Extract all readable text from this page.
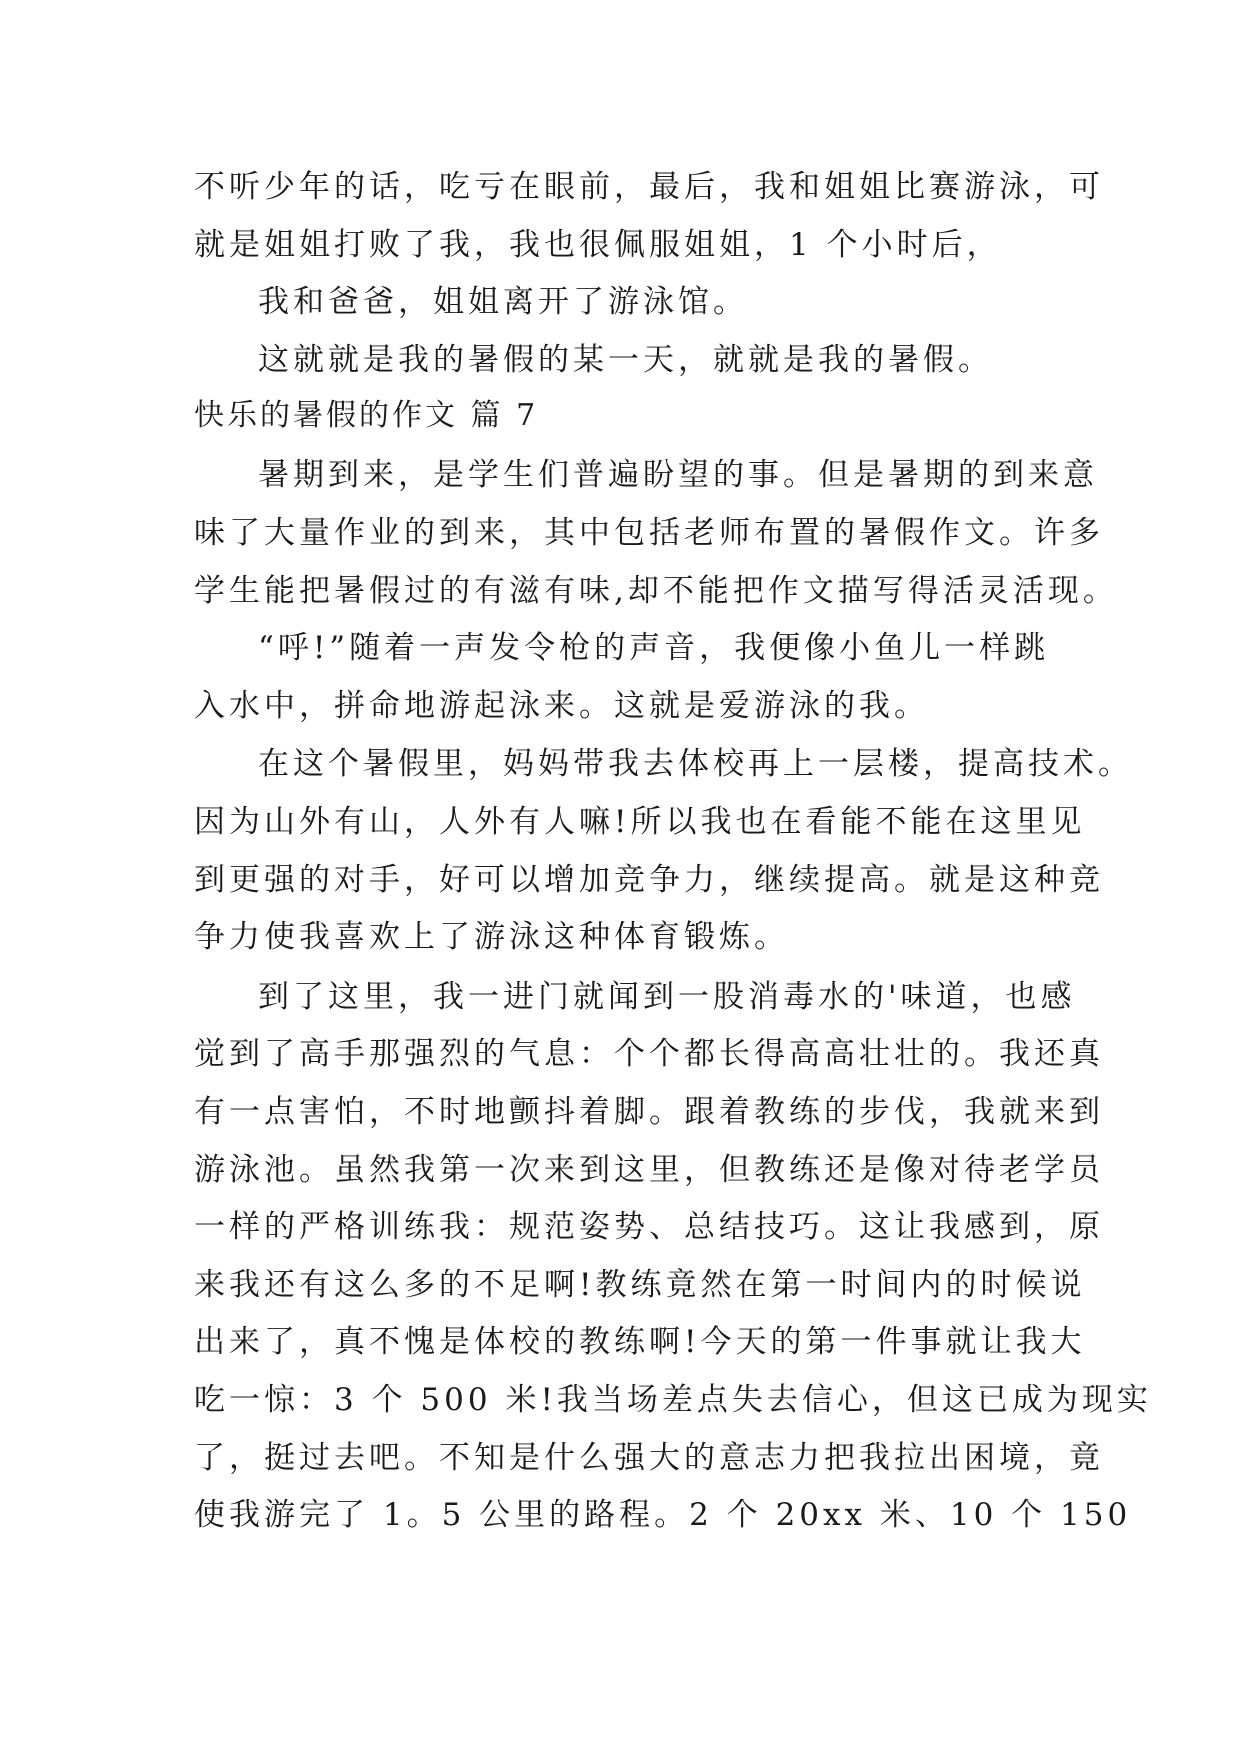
不听少年的话，吃亏在眼前，最后，我和姐姐比赛游泳，可
就是姐姐打败了我，我也很佩服姐姐，1 个小时后，
我和爸爸，姐姐离开了游泳馆。
这就就是我的暑假的某一天，就就是我的暑假。
快乐的暑假的作文 篇 7
暑期到来，是学生们普遍盼望的事。但是暑期的到来意
味了大量作业的到来，其中包括老师布置的暑假作文。许多
学生能把暑假过的有滋有味,却不能把作文描写得活灵活现。
“呼!”随着一声发令枪的声音，我便像小鱼儿一样跳
入水中，拼命地游起泳来。这就是爱游泳的我。
在这个暑假里，妈妈带我去体校再上一层楼，提高技术。
因为山外有山，人外有人嘛!所以我也在看能不能在这里见
到更强的对手，好可以增加竞争力，继续提高。就是这种竞
争力使我喜欢上了游泳这种体育锻炼。
到了这里，我一进门就闻到一股消毒水的'味道，也感
觉到了高手那强烈的气息：个个都长得高高壮壮的。我还真
有一点害怕，不时地颤抖着脚。跟着教练的步伐，我就来到
游泳池。虽然我第一次来到这里，但教练还是像对待老学员
一样的严格训练我：规范姿势、总结技巧。这让我感到，原
来我还有这么多的不足啊!教练竟然在第一时间内的时候说
出来了，真不愧是体校的教练啊!今天的第一件事就让我大
吃一惊：3 个 500 米!我当场差点失去信心，但这已成为现实
了，挺过去吧。不知是什么强大的意志力把我拉出困境，竟
使我游完了 1。5 公里的路程。2 个 20xx 米、10 个 150
